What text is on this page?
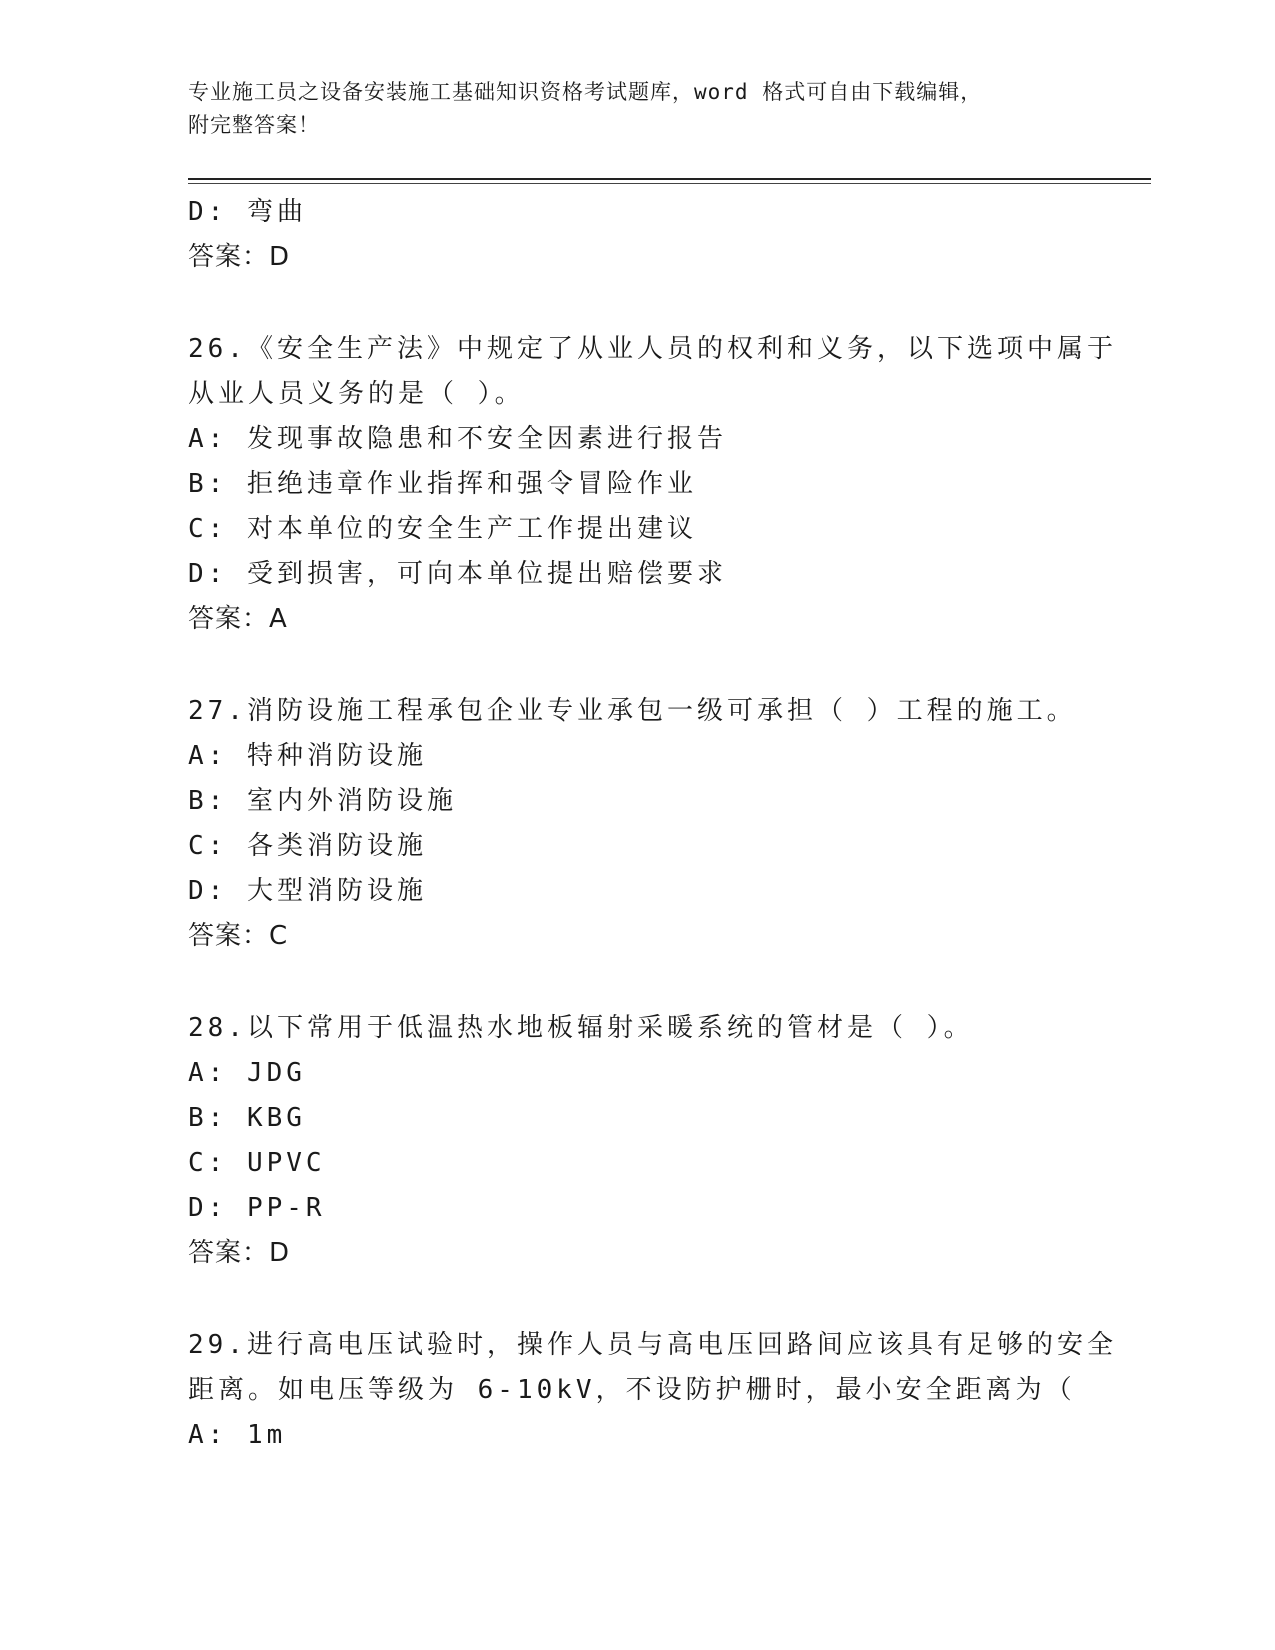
专业施工员之设备安装施工基础知识资格考试题库，word 格式可自由下载编辑，
附完整答案！
D: 弯曲
答案：D
26.《安全生产法》中规定了从业人员的权利和义务，以下选项中属于
从业人员义务的是（ ）。
A: 发现事故隐患和不安全因素进行报告
B: 拒绝违章作业指挥和强令冒险作业
C: 对本单位的安全生产工作提出建议
D: 受到损害，可向本单位提出赔偿要求
答案：A
27.消防设施工程承包企业专业承包一级可承担（ ）工程的施工。
A: 特种消防设施
B: 室内外消防设施
C: 各类消防设施
D: 大型消防设施
答案：C
28.以下常用于低温热水地板辐射采暖系统的管材是（ ）。
A: JDG
B: KBG
C: UPVC
D: PP-R
答案：D
29.进行高电压试验时，操作人员与高电压回路间应该具有足够的安全
距离。如电压等级为 6-10kV，不设防护栅时，最小安全距离为（
A: 1m
